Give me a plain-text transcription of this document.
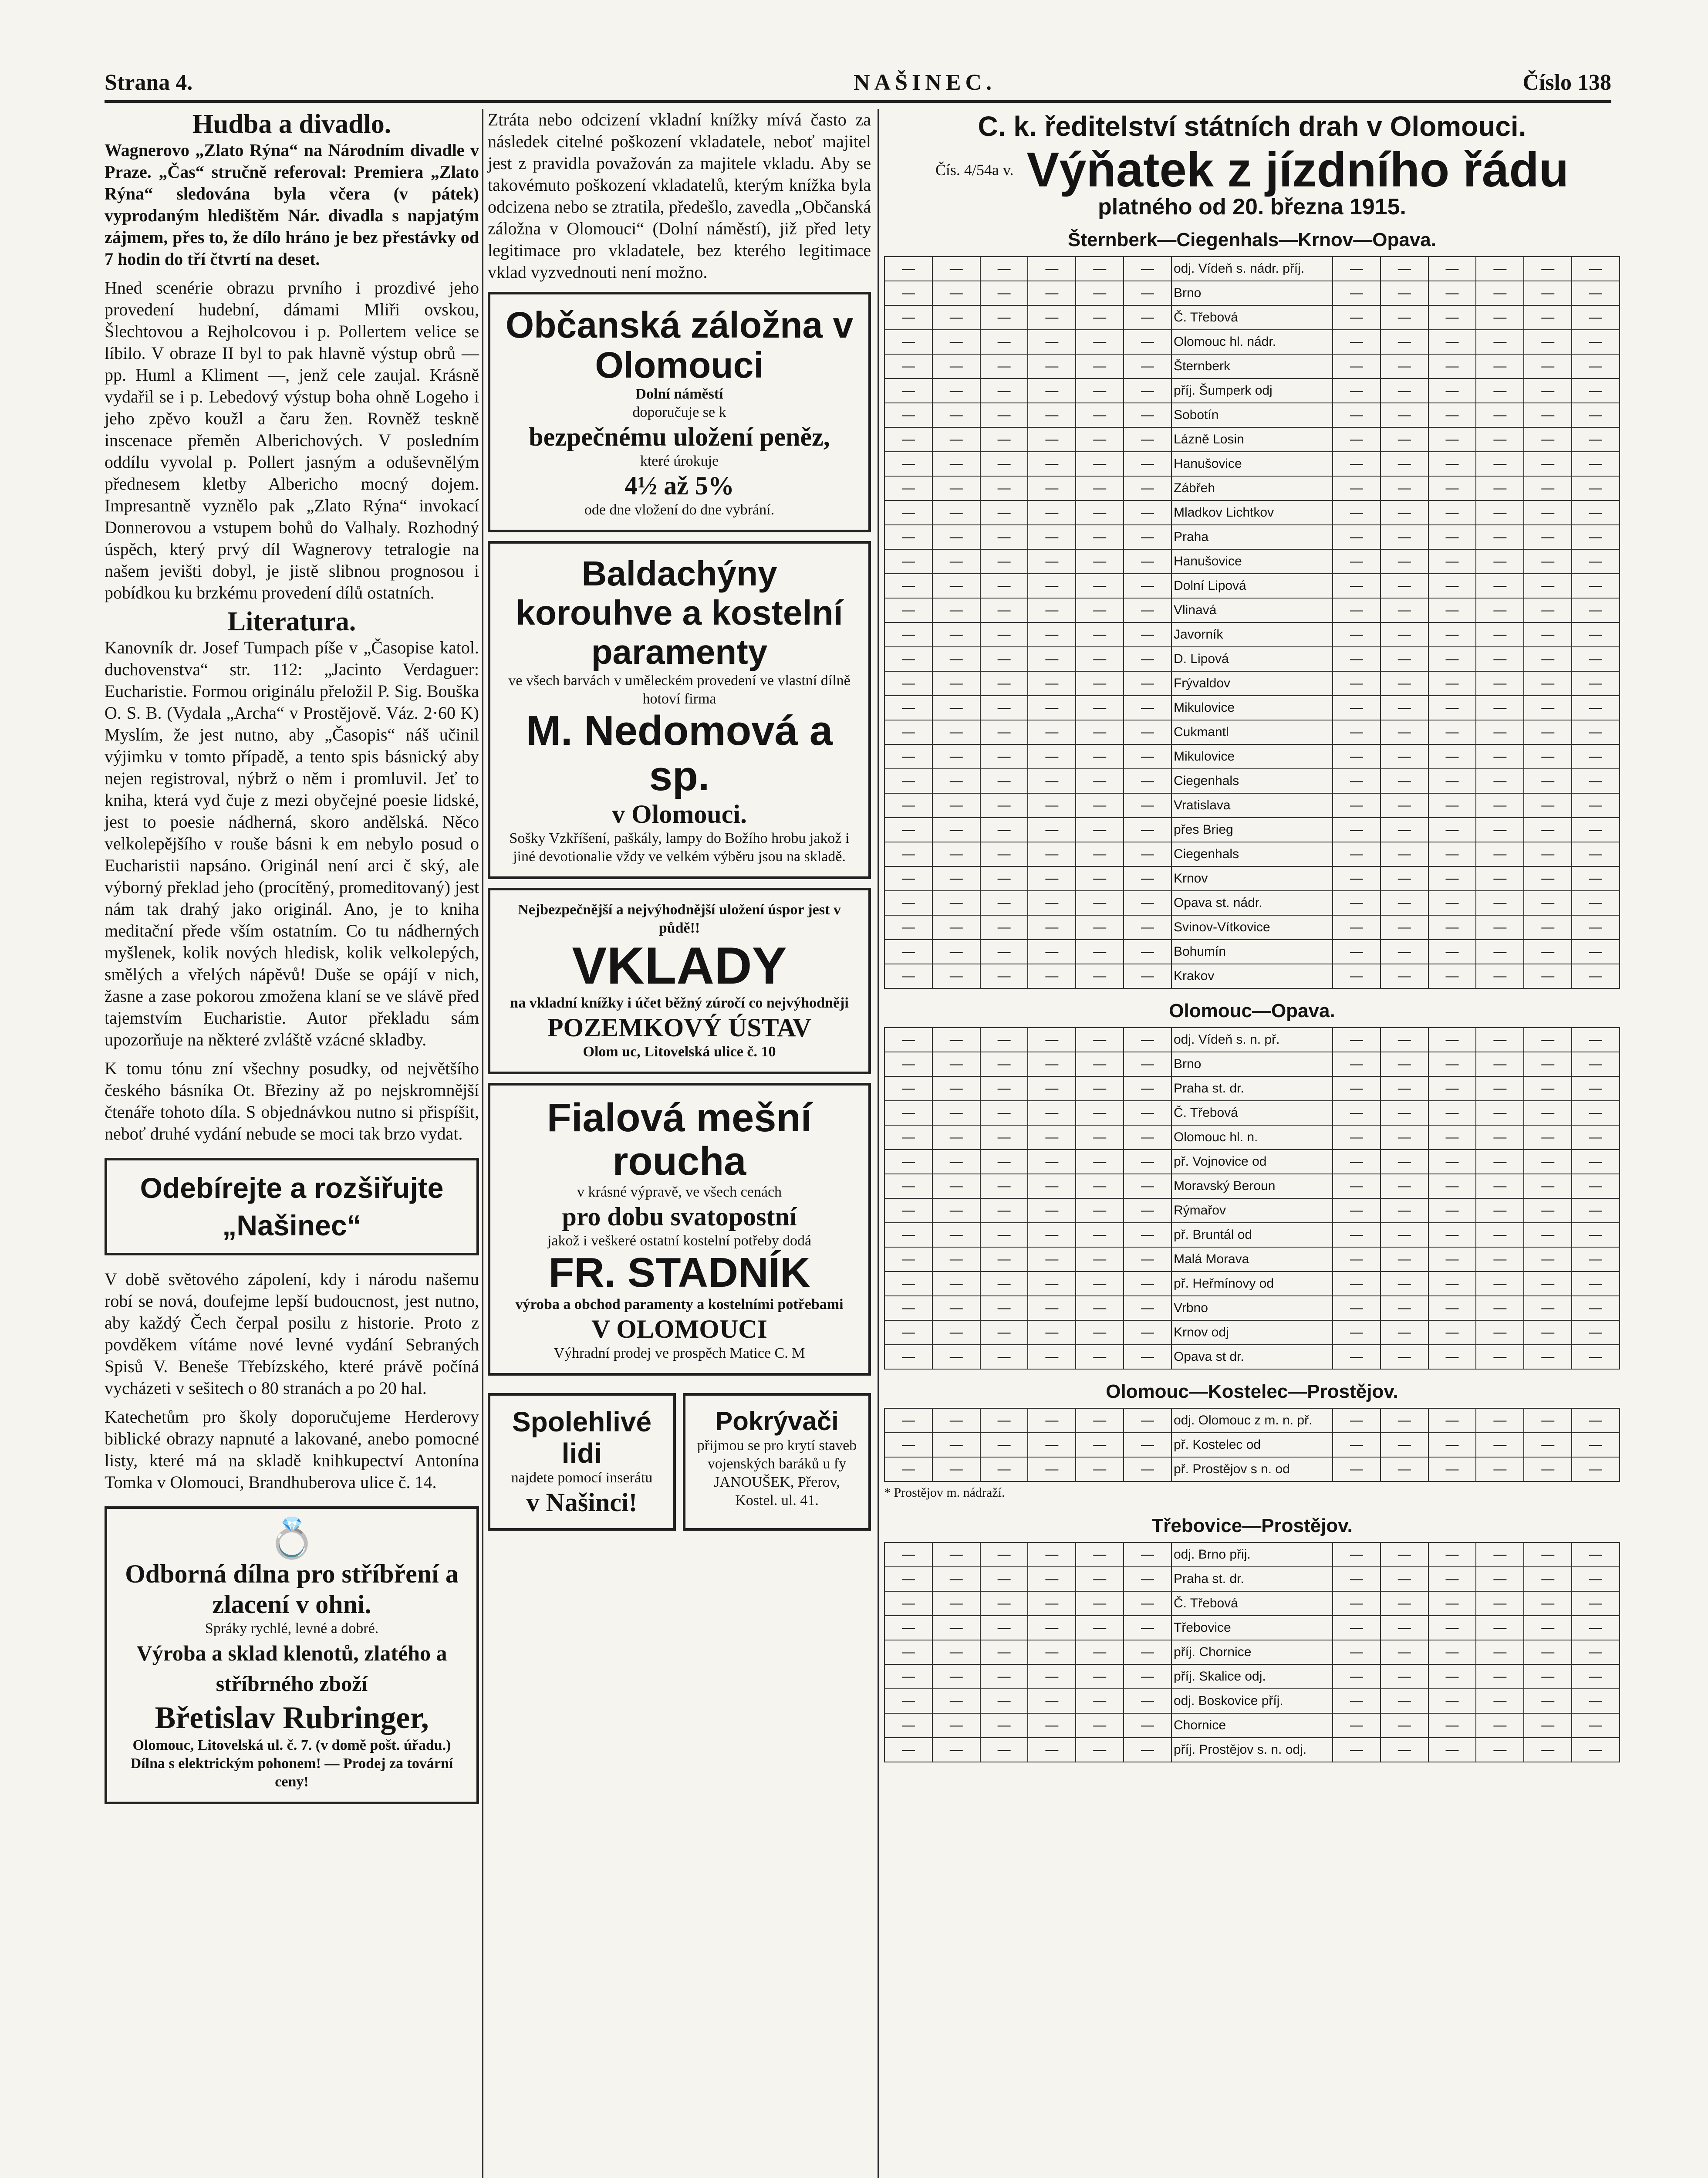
Strana 4.	NAŠINEC.	Číslo 138
Hudba a divadlo.

Wagnerovo „Zlato Rýna“ na Národním divadle v Praze. „Čas“ stručně referoval: Premiera „Zlato Rýna“ sledována byla včera (v pátek) vyprodaným hledištěm Nár. divadla s napjatým zájmem, přes to, že dílo hráno je bez přestávky od 7 hodin do tří čtvrtí na deset.

Hned scenérie obrazu prvního i prozdivé jeho provedení hudební, dámami Mliři ovskou, Šlechtovou a Rejholcovou i p. Pollertem velice se líbilo. V obraze II byl to pak hlavně výstup obrů — pp. Huml a Kliment —, jenž cele zaujal. Krásně vydařil se i p. Lebedový výstup boha ohně Logeho i jeho zpěvo koužl a čaru žen. Rovněž teskně inscenace přeměn Alberichových. V posledním oddílu vyvolal p. Pollert jasným a oduševnělým přednesem kletby Albericho mocný dojem. Impresantně vyznělo pak „Zlato Rýna“ invokací Donnerovou a vstupem bohů do Valhaly. Rozhodný úspěch, který prvý díl Wagnerovy tetralogie na našem jevišti dobyl, je jistě slibnou prognosou i pobídkou ku brzkému provedení dílů ostatních.

Literatura.

Kanovník dr. Josef Tumpach píše v „Časopise katol. duchovenstva“ str. 112: „Jacinto Verdaguer: Eucharistie. Formou originálu přeložil P. Sig. Bouška O. S. B. (Vydala „Archa“ v Prostějově. Váz. 2·60 K) Myslím, že jest nutno, aby „Časopis“ náš učinil výjimku v tomto případě, a tento spis básnický aby nejen registroval, nýbrž o něm i promluvil. Jeť to kniha, která vyd čuje z mezi obyčejné poesie lidské, jest to poesie nádherná, skoro andělská. Něco velkolepějšího v rouše básni k em nebylo posud o Eucharistii napsáno. Originál není arci č ský, ale výborný překlad jeho (procítěný, promeditovaný) jest nám tak drahý jako originál. Ano, je to kniha meditační přede vším ostatním. Co tu nádherných myšlenek, kolik nových hledisk, kolik velkolepých, smělých a vřelých nápěvů! Duše se opájí v nich, žasne a zase pokorou zmožena klaní se ve slávě před tajemstvím Eucharistie. Autor překladu sám upozorňuje na některé zvláště vzácné skladby.

K tomu tónu zní všechny posudky, od největšího českého básníka Ot. Březiny až po nejskromnější čtenáře tohoto díla. S objednávkou nutno si přispíšit, neboť druhé vydání nebude se moci tak brzo vydat.

Odebírejte a rozšiřujte „Našinec“

V době světového zápolení, kdy i národu našemu robí se nová, doufejme lepší budoucnost, jest nutno, aby každý Čech čerpal posilu z historie. Proto z povděkem vítáme nové levné vydání Sebraných Spisů V. Beneše Třebízského, které právě počíná vycházeti v sešitech o 80 stranách a po 20 hal.

Katechetům pro školy doporučujeme Herderovy biblické obrazy napnuté a lakované, anebo pomocné listy, které má na skladě knihkupectví Antonína Tomka v Olomouci, Brandhuberova ulice č. 14.

💍
Odborná dílna pro stříbření a zlacení v ohni.
Spráky rychlé, levné a dobré.
Výroba a sklad klenotů, zlatého a stříbrného zboží
Břetislav Rubringer,
Olomouc, Litovelská ul. č. 7. (v domě pošt. úřadu.)
Dílna s elektrickým pohonem! — Prodej za tovární ceny!

Ztráta nebo odcizení vkladní knížky mívá často za následek citelné poškození vkladatele, neboť majitel jest z pravidla považován za majitele vkladu. Aby se takovémuto poškození vkladatelů, kterým knížka byla odcizena nebo se ztratila, předešlo, zavedla „Občanská záložna v Olomouci“ (Dolní náměstí), již před lety legitimace pro vkladatele, bez kterého legitimace vklad vyzvednouti není možno.

Občanská záložna v Olomouci
Dolní náměstí
doporučuje se k
bezpečnému uložení peněz,
které úrokuje
4½ až 5%
ode dne vložení do dne vybrání.
Baldachýny korouhve a kostelní paramenty
ve všech barvách v uměleckém provedení ve vlastní dílně hotoví firma
M. Nedomová a sp.
v Olomouci.
Sošky Vzkříšení, paškály, lampy do Božího hrobu jakož i jiné devotionalie vždy ve velkém výběru jsou na skladě.
Nejbezpečnější a nejvýhodnější uložení úspor jest v půdě!!
VKLADY
na vkladní knížky i účet běžný zúročí co nejvýhodněji
POZEMKOVÝ ÚSTAV
Olom uc, Litovelská ulice č. 10
Fialová mešní roucha
v krásné výpravě, ve všech cenách
pro dobu svatopostní
jakož i veškeré ostatní kostelní potřeby dodá
FR. STADNÍK
výroba a obchod paramenty a kostelními potřebami
V OLOMOUCI
Výhradní prodej ve prospěch Matice C. M
Spolehlivé lidi
najdete pomocí inserátu
v Našinci!
Pokrývači
přijmou se pro krytí staveb vojenských baráků u fy JANOUŠEK, Přerov, Kostel. ul. 41.
C. k. ředitelství státních drah v Olomouci.
Čís. 4/54a v. Výňatek z jízdního řádu
platného od 20. března 1915.
Šternberk—Ciegenhals—Krnov—Opava.
—	—	—	—	—	—	odj. Vídeň s. nádr. příj.	—	—	—	—	—	—
—	—	—	—	—	—	Brno	—	—	—	—	—	—
—	—	—	—	—	—	Č. Třebová	—	—	—	—	—	—
—	—	—	—	—	—	Olomouc hl. nádr.	—	—	—	—	—	—
—	—	—	—	—	—	Šternberk	—	—	—	—	—	—
—	—	—	—	—	—	příj. Šumperk odj	—	—	—	—	—	—
—	—	—	—	—	—	Sobotín	—	—	—	—	—	—
—	—	—	—	—	—	Lázně Losin	—	—	—	—	—	—
—	—	—	—	—	—	Hanušovice	—	—	—	—	—	—
—	—	—	—	—	—	Zábřeh	—	—	—	—	—	—
—	—	—	—	—	—	Mladkov Lichtkov	—	—	—	—	—	—
—	—	—	—	—	—	Praha	—	—	—	—	—	—
—	—	—	—	—	—	Hanušovice	—	—	—	—	—	—
—	—	—	—	—	—	Dolní Lipová	—	—	—	—	—	—
—	—	—	—	—	—	Vlinavá	—	—	—	—	—	—
—	—	—	—	—	—	Javorník	—	—	—	—	—	—
—	—	—	—	—	—	D. Lipová	—	—	—	—	—	—
—	—	—	—	—	—	Frývaldov	—	—	—	—	—	—
—	—	—	—	—	—	Mikulovice	—	—	—	—	—	—
—	—	—	—	—	—	Cukmantl	—	—	—	—	—	—
—	—	—	—	—	—	Mikulovice	—	—	—	—	—	—
—	—	—	—	—	—	Ciegenhals	—	—	—	—	—	—
—	—	—	—	—	—	Vratislava	—	—	—	—	—	—
—	—	—	—	—	—	přes Brieg	—	—	—	—	—	—
—	—	—	—	—	—	Ciegenhals	—	—	—	—	—	—
—	—	—	—	—	—	Krnov	—	—	—	—	—	—
—	—	—	—	—	—	Opava st. nádr.	—	—	—	—	—	—
—	—	—	—	—	—	Svinov-Vítkovice	—	—	—	—	—	—
—	—	—	—	—	—	Bohumín	—	—	—	—	—	—
—	—	—	—	—	—	Krakov	—	—	—	—	—	—
Olomouc—Opava.
—	—	—	—	—	—	odj. Vídeň s. n. př.	—	—	—	—	—	—
—	—	—	—	—	—	Brno	—	—	—	—	—	—
—	—	—	—	—	—	Praha st. dr.	—	—	—	—	—	—
—	—	—	—	—	—	Č. Třebová	—	—	—	—	—	—
—	—	—	—	—	—	Olomouc hl. n.	—	—	—	—	—	—
—	—	—	—	—	—	př. Vojnovice od	—	—	—	—	—	—
—	—	—	—	—	—	Moravský Beroun	—	—	—	—	—	—
—	—	—	—	—	—	Rýmařov	—	—	—	—	—	—
—	—	—	—	—	—	př. Bruntál od	—	—	—	—	—	—
—	—	—	—	—	—	Malá Morava	—	—	—	—	—	—
—	—	—	—	—	—	př. Heřmínovy od	—	—	—	—	—	—
—	—	—	—	—	—	Vrbno	—	—	—	—	—	—
—	—	—	—	—	—	Krnov odj	—	—	—	—	—	—
—	—	—	—	—	—	Opava st dr.	—	—	—	—	—	—
Olomouc—Kostelec—Prostějov.
—	—	—	—	—	—	odj. Olomouc z m. n. př.	—	—	—	—	—	—
—	—	—	—	—	—	př. Kostelec od	—	—	—	—	—	—
—	—	—	—	—	—	př. Prostějov s n. od	—	—	—	—	—	—
* Prostějov m. nádraží.
Třebovice—Prostějov.
—	—	—	—	—	—	odj. Brno přij.	—	—	—	—	—	—
—	—	—	—	—	—	Praha st. dr.	—	—	—	—	—	—
—	—	—	—	—	—	Č. Třebová	—	—	—	—	—	—
—	—	—	—	—	—	Třebovice	—	—	—	—	—	—
—	—	—	—	—	—	příj. Chornice	—	—	—	—	—	—
—	—	—	—	—	—	příj. Skalice odj.	—	—	—	—	—	—
—	—	—	—	—	—	odj. Boskovice příj.	—	—	—	—	—	—
—	—	—	—	—	—	Chornice	—	—	—	—	—	—
—	—	—	—	—	—	příj. Prostějov s. n. odj.	—	—	—	—	—	—
